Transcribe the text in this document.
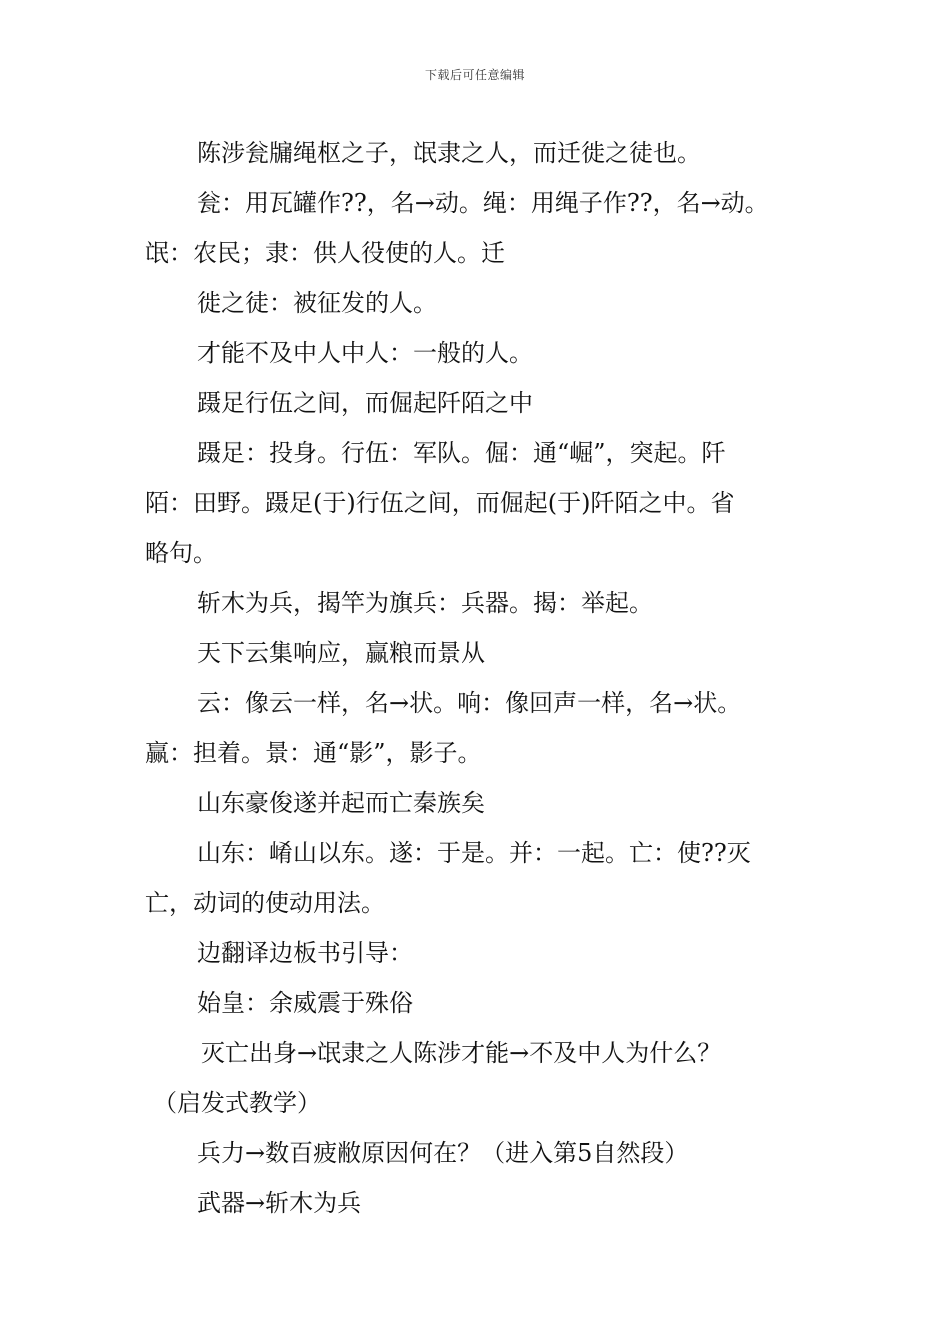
下载后可任意编辑
陈涉瓮牖绳枢之子，氓隶之人，而迁徙之徒也。
瓮：用瓦罐作??，名→动。绳：用绳子作??，名→动。
氓：农民；隶：供人役使的人。迁
徙之徒：被征发的人。
才能不及中人中人：一般的人。
蹑足行伍之间，而倔起阡陌之中
蹑足：投身。行伍：军队。倔：通“崛”，突起。阡
陌：田野。蹑足(于)行伍之间，而倔起(于)阡陌之中。省
略句。
斩木为兵，揭竿为旗兵：兵器。揭：举起。
天下云集响应，赢粮而景从
云：像云一样，名→状。响：像回声一样，名→状。
赢：担着。景：通“影”，影子。
山东豪俊遂并起而亡秦族矣
山东：崤山以东。遂：于是。并：一起。亡：使??灭
亡，动词的使动用法。
边翻译边板书引导：
始皇：余威震于殊俗
灭亡出身→氓隶之人陈涉才能→不及中人为什么？
（启发式教学）
兵力→数百疲敝原因何在？（进入第5自然段）
武器→斩木为兵
